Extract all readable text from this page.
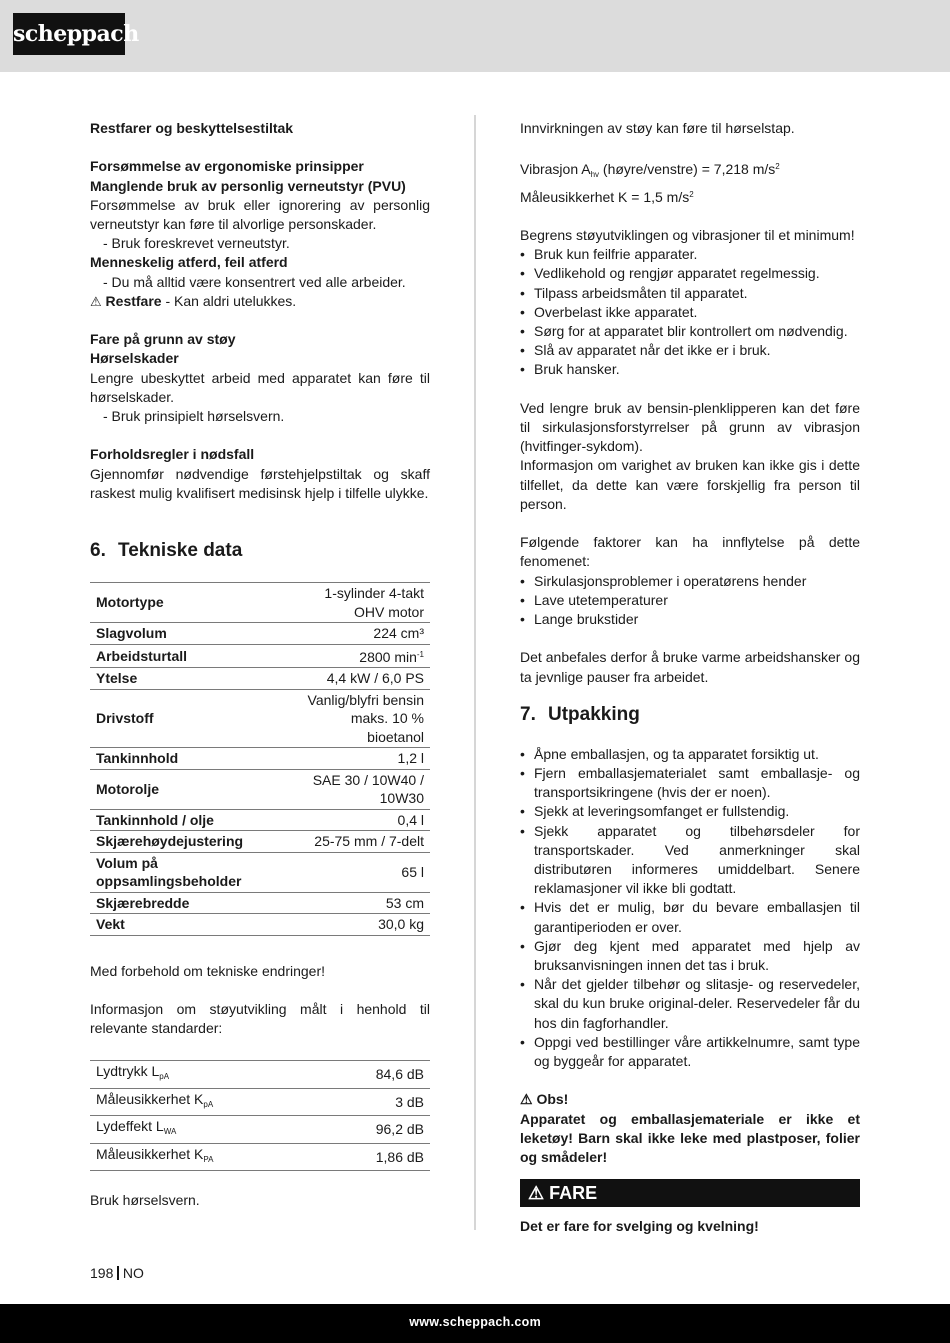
scheppach

Restfarer og beskyttelsestiltak

Forsømmelse av ergonomiske prinsipper

Manglende bruk av personlig verneutstyr (PVU)

Forsømmelse av bruk eller ignorering av personlig verneutstyr kan føre til alvorlige personskader.

- Bruk foreskrevet verneutstyr.

Menneskelig atferd, feil atferd

- Du må alltid være konsentrert ved alle arbeider.

⚠ Restfare - Kan aldri utelukkes.

Fare på grunn av støy

Hørselskader

Lengre ubeskyttet arbeid med apparatet kan føre til hørselskader.

- Bruk prinsipielt hørselsvern.

Forholdsregler i nødsfall

Gjennomfør nødvendige førstehjelpstiltak og skaff raskest mulig kvalifisert medisinsk hjelp i tilfelle ulykke.

6. Tekniske data
Motortype	1-sylinder 4-takt OHV motor
Slagvolum	224 cm³
Arbeidsturtall	2800 $\min^{-1}$
Ytelse	4,4 kW / 6,0 PS
Drivstoff	Vanlig/blyfri bensin maks. 10 % bioetanol
Tankinnhold	1,2 l
Motorolje	SAE 30 / 10W40 / 10W30
Tankinnhold / olje	0,4 l
Skjærehøydejustering	25-75 mm / 7-delt
Volum på oppsamlingsbeholder	65 l
Skjærebredde	53 cm
Vekt	30,0 kg

Med forbehold om tekniske endringer!

Informasjon om støyutvikling målt i henhold til relevante standarder:

Lydtrykk $L_{pA}$	84,6 dB
Måleusikkerhet $K_{pA}$	3 dB
Lydeffekt $L_{WA}$	96,2 dB
Måleusikkerhet $K_{PA}$	1,86 dB

Bruk hørselsvern.

Innvirkningen av støy kan føre til hørselstap.

Vibrasjon $A_{hv}$ (høyre/venstre) = 7,218 $m/s^2$

Måleusikkerhet K = 1,5 $m/s^2$

Begrens støyutviklingen og vibrasjoner til et minimum!

• Bruk kun feilfrie apparater.

• Vedlikehold og rengjør apparatet regelmessig.

• Tilpass arbeidsmåten til apparatet.

• Overbelast ikke apparatet.

• Sørg for at apparatet blir kontrollert om nødvendig.

• Slå av apparatet når det ikke er i bruk.

• Bruk hansker.

Ved lengre bruk av bensin-plenklipperen kan det føre til sirkulasjonsforstyrrelser på grunn av vibrasjon (hvitfinger-sykdom).

Informasjon om varighet av bruken kan ikke gis i dette tilfellet, da dette kan være forskjellig fra person til person.

Følgende faktorer kan ha innflytelse på dette fenomenet:

• Sirkulasjonsproblemer i operatørens hender

• Lave utetemperaturer

• Lange brukstider

Det anbefales derfor å bruke varme arbeidshansker og ta jevnlige pauser fra arbeidet.

7. Utpakking

• Åpne emballasjen, og ta apparatet forsiktig ut.

• Fjern emballasjematerialet samt emballasje- og transportsikringene (hvis der er noen).

• Sjekk at leveringsomfanget er fullstendig.

• Sjekk apparatet og tilbehørsdeler for transportskader. Ved anmerkninger skal distributøren informeres umiddelbart. Senere reklamasjoner vil ikke bli godtatt.

• Hvis det er mulig, bør du bevare emballasjen til garantiperioden er over.

• Gjør deg kjent med apparatet med hjelp av bruksanvisningen innen det tas i bruk.

• Når det gjelder tilbehør og slitasje- og reservedeler, skal du kun bruke original-deler. Reservedeler får du hos din fagforhandler.

• Oppgi ved bestillinger våre artikkelnumre, samt type og byggeår for apparatet.

⚠ Obs!

Apparatet og emballasjemateriale er ikke et leketøy! Barn skal ikke leke med plastposer, folier og smådeler!

⚠ FARE

Det er fare for svelging og kvelning!

198 NO
www.scheppach.com
